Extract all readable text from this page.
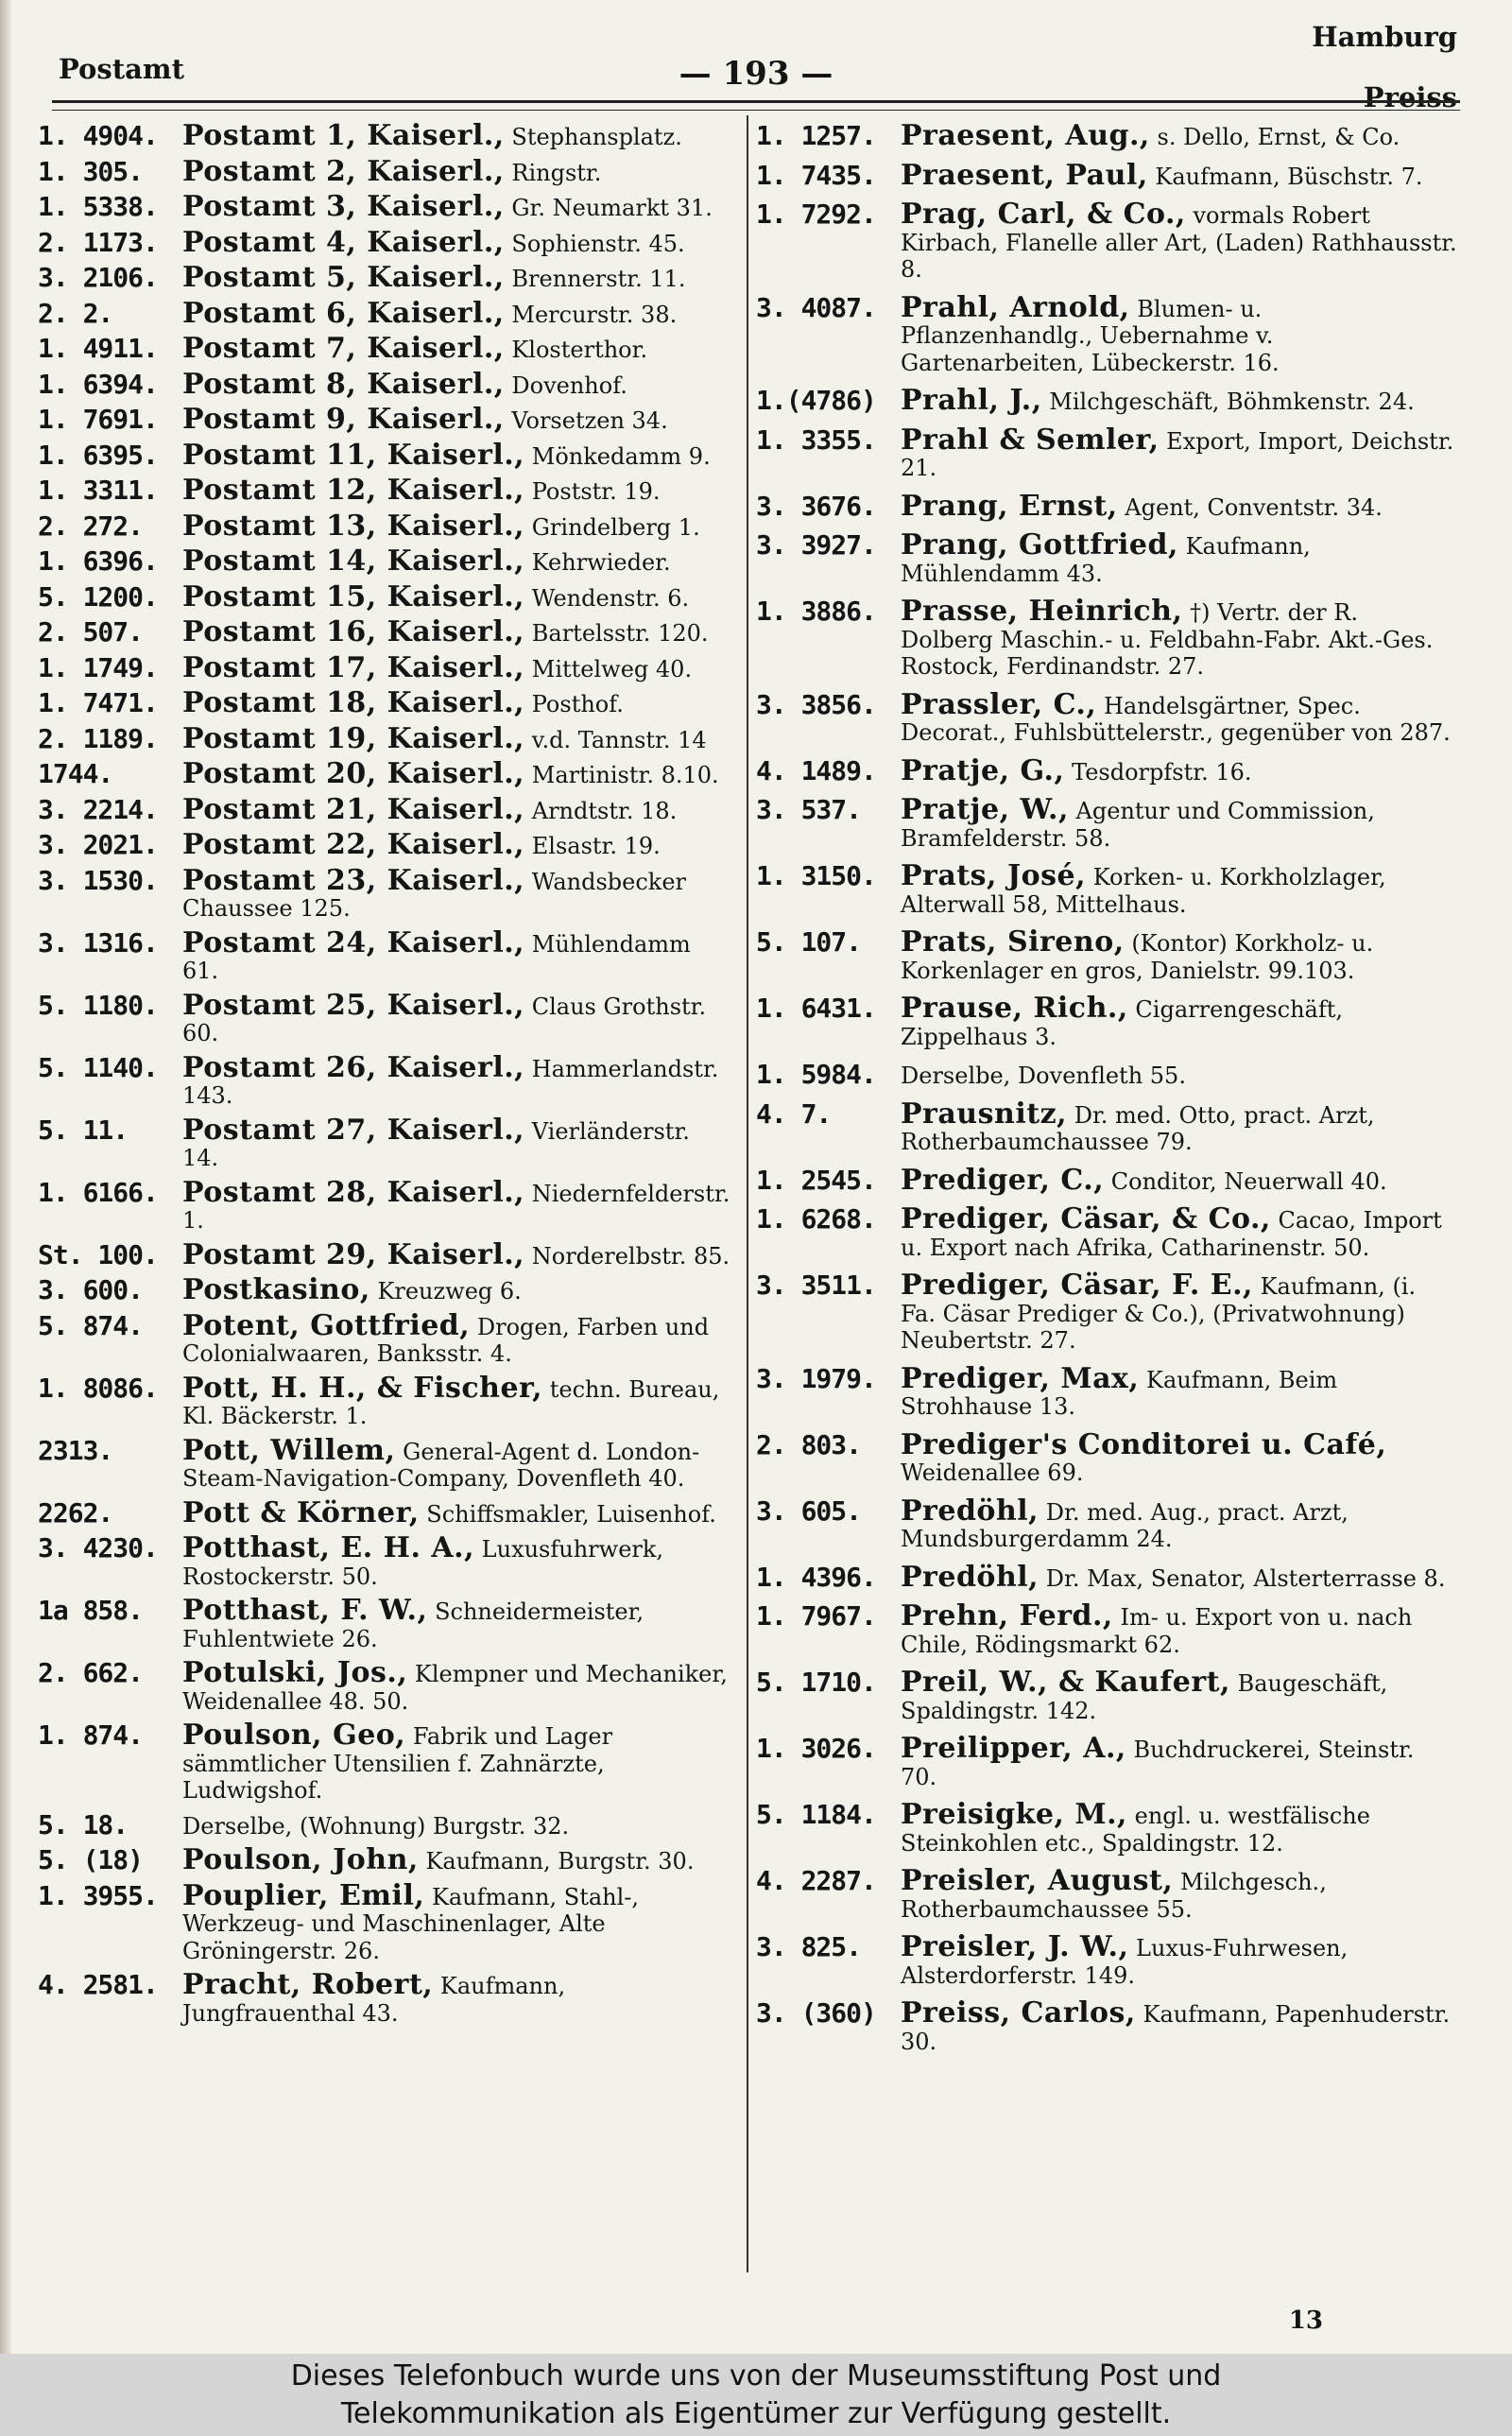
Postamt	— 193 —
Hamburg
Preiss
1. 4904. Postamt 1, Kaiserl., Stephansplatz.
1. 305.	Postamt 2, Kaiserl., Ringstr.
1. 5338. Postamt 3, Kaiserl., Gr. Neumarkt 31.
2. 1173. Postamt 4, Kaiserl., Sophienstr. 45.
3. 2106. Postamt 5, Kaiserl., Brennerstr. 11.
2. 2.	Postamt 6, Kaiserl., Mercurstr. 38.
1. 4911. Postamt 7, Kaiserl., Klosterthor.
1. 6394. Postamt 8, Kaiserl., Dovenhof.
1. 7691. Postamt 9, Kaiserl., Vorsetzen 34.
1. 6395. Postamt 11, Kaiserl., Mönkedamm 9.
1. 3311. Postamt 12, Kaiserl., Poststr. 19.
2. 272.	Postamt 13, Kaiserl., Grindelberg 1.
1. 6396. Postamt 14, Kaiserl., Kehrwieder.
5. 1200. Postamt 15, Kaiserl., Wendenstr. 6.
2. 507.	Postamt 16, Kaiserl., Bartelsstr. 120.
1. 1749. Postamt 17, Kaiserl., Mittelweg 40.
1. 7471. Postamt 18, Kaiserl., Posthof.
2. 1189. Postamt 19, Kaiserl., v.d. Tannstr. 14
1744.	Postamt 20, Kaiserl., Martinistr. 8.10.
3. 2214. Postamt 21, Kaiserl., Arndtstr. 18.
3. 2021. Postamt 22, Kaiserl., Elsastr. 19.
3. 1530. Postamt 23, Kaiserl., Wandsbecker Chaussee 125.
3. 1316. Postamt 24, Kaiserl., Mühlendamm 61.
5. 1180. Postamt 25, Kaiserl., Claus Grothstr. 60.
5. 1140. Postamt 26, Kaiserl., Hammerlandstr. 143.
5. 11.	Postamt 27, Kaiserl., Vierländerstr. 14.
1. 6166. Postamt 28, Kaiserl., Niedernfelderstr. 1.
St. 100. Postamt 29, Kaiserl., Norderelbstr. 85.
3. 600.	Postkasino, Kreuzweg 6.
5. 874.	Potent, Gottfried, Drogen, Farben und Colonialwaaren, Banksstr. 4.
1. 8086. Pott, H. H., & Fischer, techn. Bureau, Kl. Bäckerstr. 1.
2313.	Pott, Willem, General-Agent d. London-Steam-Navigation-Company, Dovenfleth 40.
2262.	Pott & Körner, Schiffsmakler, Luisenhof.
3. 4230. Potthast, E. H. A., Luxusfuhrwerk, Rostockerstr. 50.
1a 858.	Potthast, F. W., Schneidermeister, Fuhlentwiete 26.
2. 662.	Potulski, Jos., Klempner und Mechaniker, Weidenallee 48. 50.
1. 874.	Poulson, Geo, Fabrik und Lager sämmtlicher Utensilien f. Zahnärzte, Ludwigshof.
5. 18.	Derselbe, (Wohnung) Burgstr. 32.
5. (18)	Poulson, John, Kaufmann, Burgstr. 30.
1. 3955. Pouplier, Emil, Kaufmann, Stahl-, Werkzeug- und Maschinenlager, Alte Gröningerstr. 26.
4. 2581. Pracht, Robert, Kaufmann, Jungfrauenthal 43.
1. 1257. Praesent, Aug., s. Dello, Ernst, & Co.
1. 7435. Praesent, Paul, Kaufmann, Büschstr. 7.
1. 7292. Prag, Carl, & Co., vormals Robert Kirbach, Flanelle aller Art, (Laden) Rathhausstr. 8.
3. 4087. Prahl, Arnold, Blumen- u. Pflanzenhandlg., Uebernahme v. Gartenarbeiten, Lübeckerstr. 16.
1.(4786) Prahl, J., Milchgeschäft, Böhmkenstr. 24.
1. 3355. Prahl & Semler, Export, Import, Deichstr. 21.
3. 3676. Prang, Ernst, Agent, Conventstr. 34.
3. 3927. Prang, Gottfried, Kaufmann, Mühlendamm 43.
1. 3886. Prasse, Heinrich, †) Vertr. der R. Dolberg Maschin.- u. Feldbahn-Fabr. Akt.-Ges. Rostock, Ferdinandstr. 27.
3. 3856. Prassler, C., Handelsgärtner, Spec. Decorat., Fuhlsbüttelerstr., gegenüber von 287.
4. 1489. Pratje, G., Tesdorpfstr. 16.
3. 537.	Pratje, W., Agentur und Commission, Bramfelderstr. 58.
1. 3150. Prats, José, Korken- u. Korkholzlager, Alterwall 58, Mittelhaus.
5. 107.	Prats, Sireno, (Kontor) Korkholz- u. Korkenlager en gros, Danielstr. 99.103.
1. 6431. Prause, Rich., Cigarrengeschäft, Zippelhaus 3.
1. 5984.	Derselbe, Dovenfleth 55.
4. 7.	Prausnitz, Dr. med. Otto, pract. Arzt, Rotherbaumchaussee 79.
1. 2545. Prediger, C., Conditor, Neuerwall 40.
1. 6268. Prediger, Cäsar, & Co., Cacao, Import u. Export nach Afrika, Catharinenstr. 50.
3. 3511. Prediger, Cäsar, F. E., Kaufmann, (i. Fa. Cäsar Prediger & Co.), (Privatwohnung) Neubertstr. 27.
3. 1979. Prediger, Max, Kaufmann, Beim Strohhause 13.
2. 803.	Prediger's Conditorei u. Café, Weidenallee 69.
3. 605.	Predöhl, Dr. med. Aug., pract. Arzt, Mundsburgerdamm 24.
1. 4396. Predöhl, Dr. Max, Senator, Alsterterrasse 8.
1. 7967. Prehn, Ferd., Im- u. Export von u. nach Chile, Rödingsmarkt 62.
5. 1710. Preil, W., & Kaufert, Baugeschäft, Spaldingstr. 142.
1. 3026. Preilipper, A., Buchdruckerei, Steinstr. 70.
5. 1184. Preisigke, M., engl. u. westfälische Steinkohlen etc., Spaldingstr. 12.
4. 2287. Preisler, August, Milchgesch., Rotherbaumchaussee 55.
3. 825.	Preisler, J. W., Luxus-Fuhrwesen, Alsterdorferstr. 149.
3. (360) Preiss, Carlos, Kaufmann, Papenhuderstr. 30.
13
Dieses Telefonbuch wurde uns von der Museumsstiftung Post und
Telekommunikation als Eigentümer zur Verfügung gestellt.
